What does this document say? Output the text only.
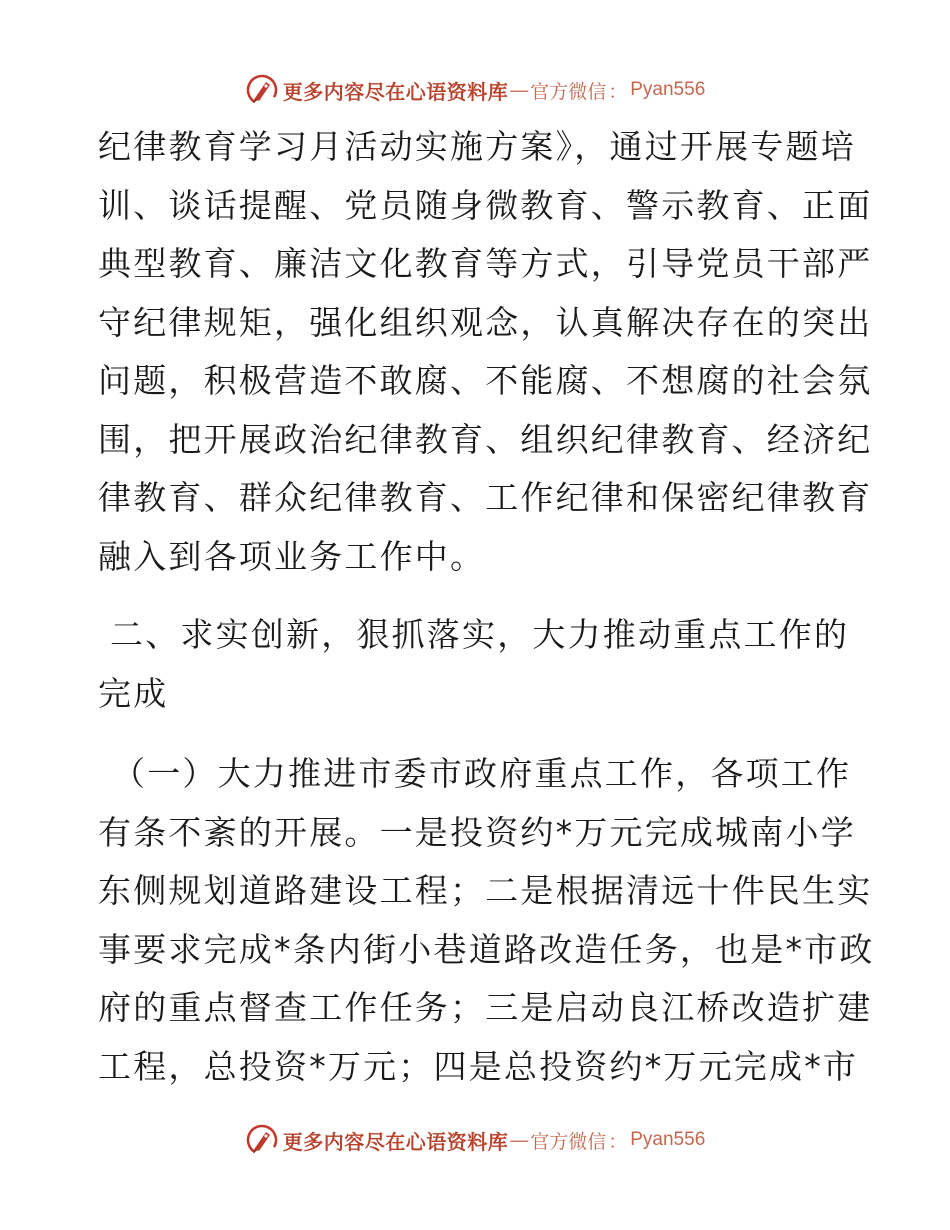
更多内容尽在心语资料库 — 官方微信 ： Pyan556

纪律教育学习月活动实施方案》，通过开展专题培
训、谈话提醒、党员随身微教育、警示教育、正面
典型教育、廉洁文化教育等方式，引导党员干部严
守纪律规矩，强化组织观念，认真解决存在的突出
问题，积极营造不敢腐、不能腐、不想腐的社会氛
围，把开展政治纪律教育、组织纪律教育、经济纪
律教育、群众纪律教育、工作纪律和保密纪律教育
融入到各项业务工作中。

二、求实创新，狠抓落实，大力推动重点工作的
完成

（一）大力推进市委市政府重点工作，各项工作
有条不紊的开展。一是投资约*万元完成城南小学
东侧规划道路建设工程；二是根据清远十件民生实
事要求完成*条内街小巷道路改造任务，也是*市政
府的重点督查工作任务；三是启动良江桥改造扩建
工程，总投资*万元；四是总投资约*万元完成*市

更多内容尽在心语资料库 — 官方微信 ： Pyan556
